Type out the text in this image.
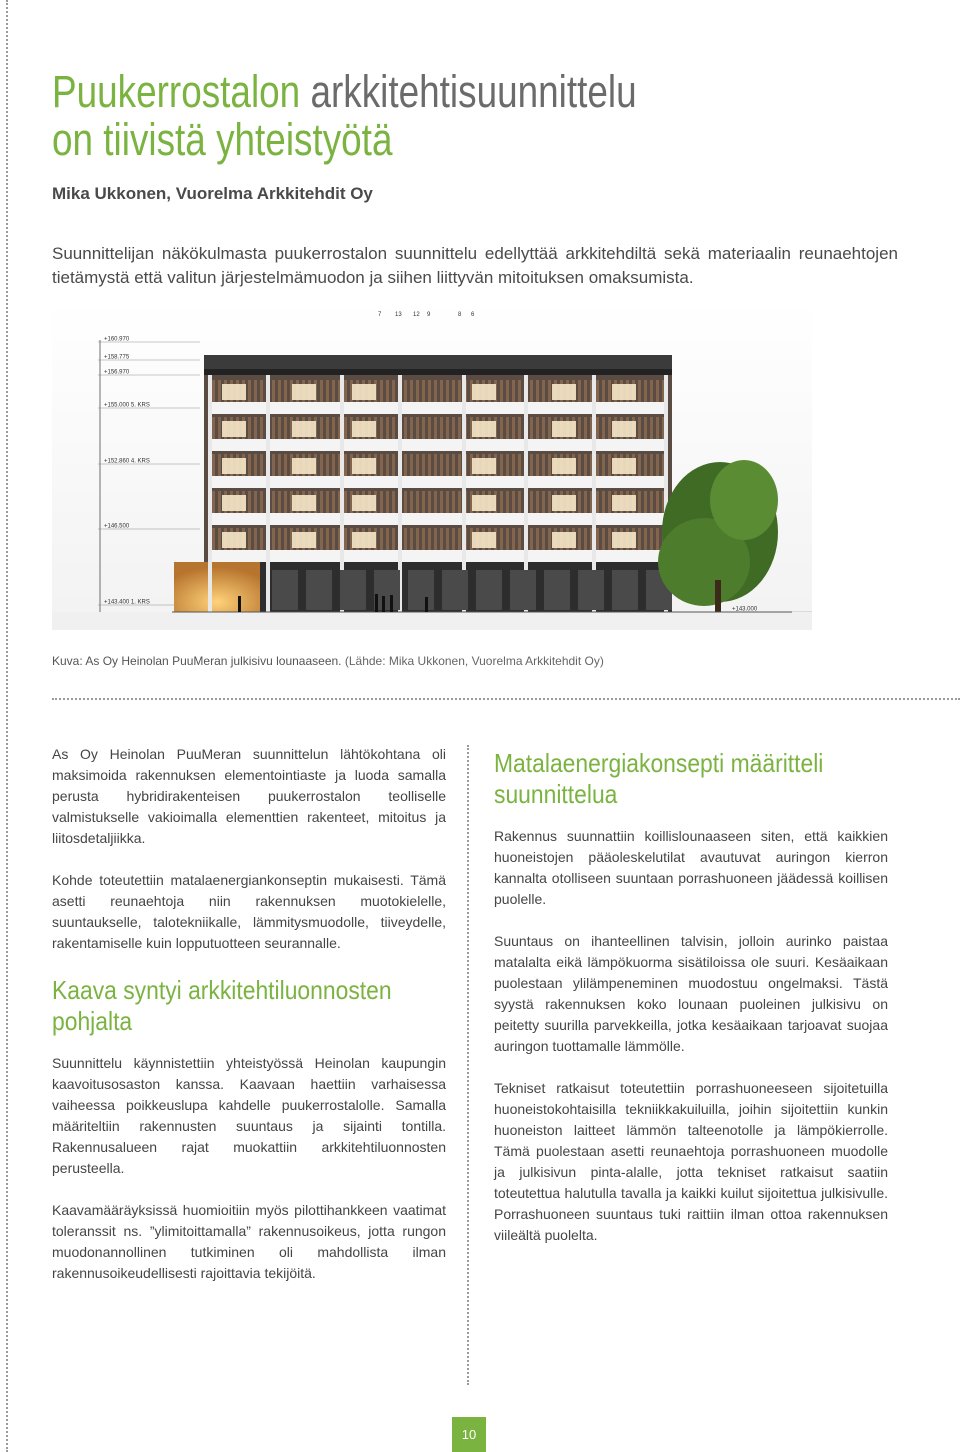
Puukerrostalon arkkitehtisuunnittelu
on tiivistä yhteistyötä
Mika Ukkonen, Vuorelma Arkkitehdit Oy
Suunnittelijan näkökulmasta puukerrostalon suunnittelu edellyttää arkkitehdiltä sekä materiaalin reunaehtojen tietämystä että valitun järjestelmämuodon ja siihen liittyvän mitoituksen omaksumista.
+160.970
+158.775
+156.970
+155.000 5. KRS
+152.860 4. KRS
+146.500
+143.400 1. KRS
+143.000
7 13 12 9	8 6
Kuva: As Oy Heinolan PuuMeran julkisivu lounaaseen. (Lähde: Mika Ukkonen, Vuorelma Arkkitehdit Oy)

As Oy Heinolan PuuMeran suunnittelun lähtökohtana oli maksimoida rakennuksen elementointiaste ja luoda samalla perusta hybridirakenteisen puukerrostalon teolliselle valmistukselle vakioimalla elementtien rakenteet, mitoitus ja liitosdetaljiikka.

Kohde toteutettiin matalaenergiankonseptin mukaisesti. Tämä asetti reunaehtoja niin rakennuksen muotokielelle, suuntaukselle, talotekniikalle, lämmitysmuodolle, tiiveydelle, rakentamiselle kuin lopputuotteen seurannalle.

Kaava syntyi arkkitehtiluonnosten pohjalta

Suunnittelu käynnistettiin yhteistyössä Heinolan kaupungin kaavoitusosaston kanssa. Kaavaan haettiin varhaisessa vaiheessa poikkeuslupa kahdelle puukerrostalolle. Samalla määriteltiin rakennusten suuntaus ja sijainti tontilla. Rakennusalueen rajat muokattiin arkkitehtiluonnosten perusteella.

Kaavamääräyksissä huomioitiin myös pilottihankkeen vaatimat toleranssit ns. ”ylimitoittamalla” rakennusoikeus, jotta rungon muodonannollinen tutkiminen oli mahdollista ilman rakennusoikeudellisesti rajoittavia tekijöitä.

Matalaenergiakonsepti määritteli suunnittelua

Rakennus suunnattiin koillislounaaseen siten, että kaikkien huoneistojen pääoleskelutilat avautuvat auringon kierron kannalta otolliseen suuntaan porrashuoneen jäädessä koillisen puolelle.

Suuntaus on ihanteellinen talvisin, jolloin aurinko paistaa matalalta eikä lämpökuorma sisätiloissa ole suuri. Kesäaikaan puolestaan ylilämpeneminen muodostuu ongelmaksi. Tästä syystä rakennuksen koko lounaan puoleinen julkisivu on peitetty suurilla parvekkeilla, jotka kesäaikaan tarjoavat suojaa auringon tuottamalle lämmölle.

Tekniset ratkaisut toteutettiin porrashuoneeseen sijoitetuilla huoneistokohtaisilla tekniikkakuiluilla, joihin sijoitettiin kunkin huoneiston laitteet lämmön talteenotolle ja lämpökierrolle. Tämä puolestaan asetti reunaehtoja porrashuoneen muodolle ja julkisivun pinta-alalle, jotta tekniset ratkaisut saatiin toteutettua halutulla tavalla ja kaikki kuilut sijoitettua julkisivulle. Porrashuoneen suuntaus tuki raittiin ilman ottoa rakennuksen viileältä puolelta.

10
